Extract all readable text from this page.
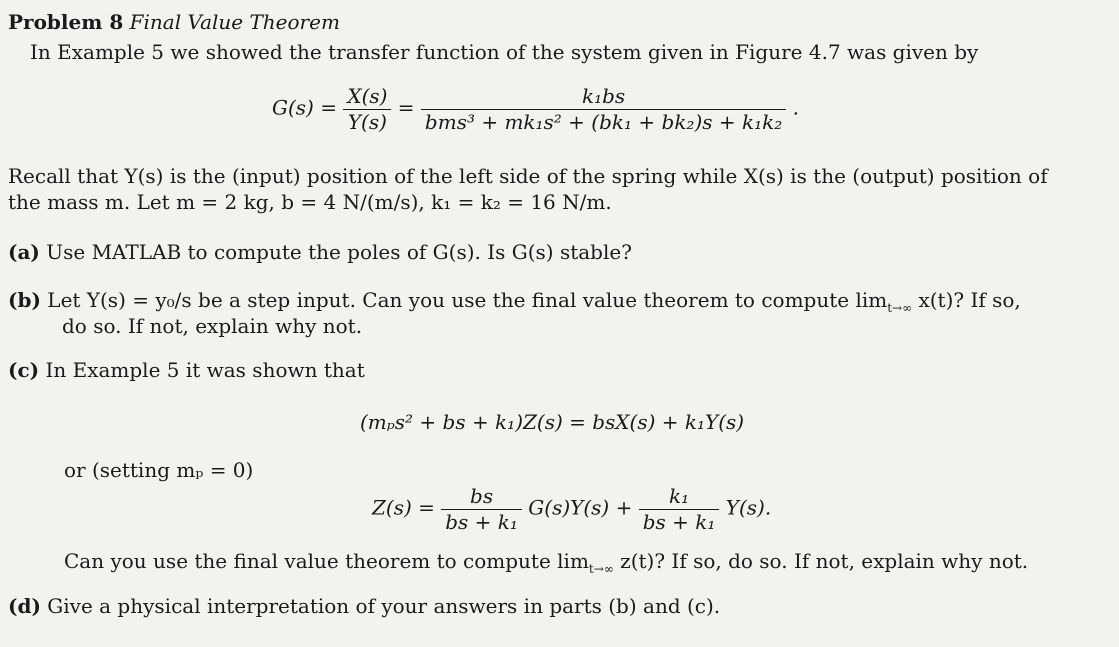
Problem 8 Final Value Theorem
In Example 5 we showed the transfer function of the system given in Figure 4.7 was given by
$G(s) = \frac{X(s)}{Y(s)} = \frac{\text{k₁bs}}{\text{bms³ + mk₁s² + (bk₁ + bk₂)s + k₁k₂}}$ .
Recall that Y(s) is the (input) position of the left side of the spring while X(s) is the (output) position of
the mass m. Let m = 2 kg, b = 4 N/(m/s), k₁ = k₂ = 16 N/m.
(a) Use MATLAB to compute the poles of G(s). Is G(s) stable?
(b) Let Y(s) = y₀/s be a step input. Can you use the final value theorem to compute $\lim_{t\to\infty} x(t)$? If so,
do so. If not, explain why not.
(c) In Example 5 it was shown that
(mₚs² + bs + k₁)Z(s) = bsX(s) + k₁Y(s)
or (setting mₚ = 0)
$Z(s) = \frac{bs}{\text{bs + k₁}} G(s)Y(s) + \frac{\text{k₁}}{\text{bs + k₁}} Y(s)$.
Can you use the final value theorem to compute $\lim_{t\to\infty} z(t)$? If so, do so. If not, explain why not.
(d) Give a physical interpretation of your answers in parts (b) and (c).
